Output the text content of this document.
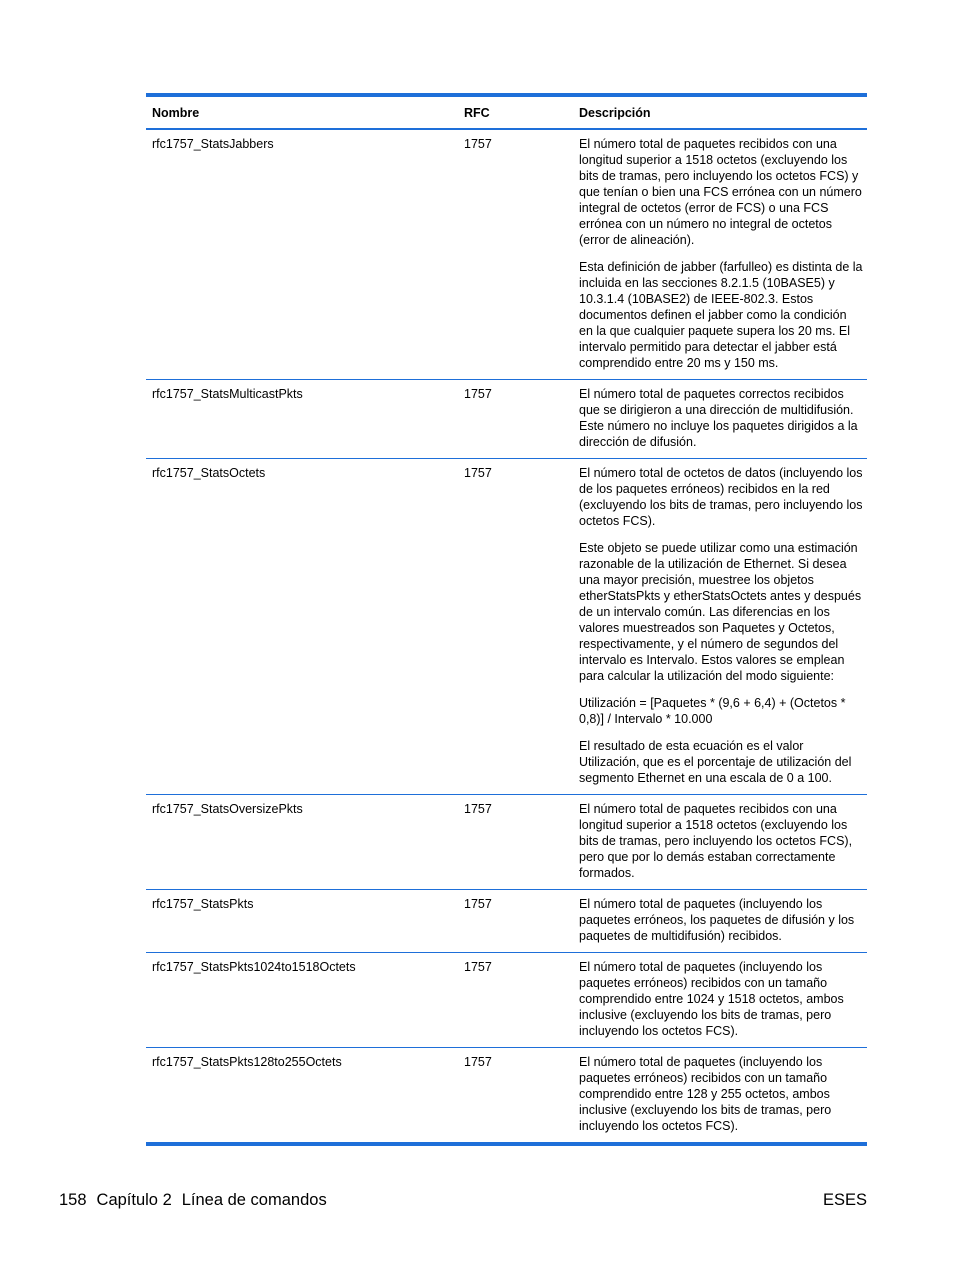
Nombre	RFC	Descripción
rfc1757_StatsJabbers	1757	El número total de paquetes recibidos con una longitud superior a 1518 octetos (excluyendo los bits de tramas, pero incluyendo los octetos FCS) y que tenían o bien una FCS errónea con un número integral de octetos (error de FCS) o una FCS errónea con un número no integral de octetos (error de alineación).

Esta definición de jabber (farfulleo) es distinta de la incluida en las secciones 8.2.1.5 (10BASE5) y 10.3.1.4 (10BASE2) de IEEE-802.3. Estos documentos definen el jabber como la condición en la que cualquier paquete supera los 20 ms. El intervalo permitido para detectar el jabber está comprendido entre 20 ms y 150 ms.

rfc1757_StatsMulticastPkts	1757	El número total de paquetes correctos recibidos que se dirigieron a una dirección de multidifusión. Este número no incluye los paquetes dirigidos a la dirección de difusión.

rfc1757_StatsOctets	1757	El número total de octetos de datos (incluyendo los de los paquetes erróneos) recibidos en la red (excluyendo los bits de tramas, pero incluyendo los octetos FCS).

Este objeto se puede utilizar como una estimación razonable de la utilización de Ethernet. Si desea una mayor precisión, muestree los objetos etherStatsPkts y etherStatsOctets antes y después de un intervalo común. Las diferencias en los valores muestreados son Paquetes y Octetos, respectivamente, y el número de segundos del intervalo es Intervalo. Estos valores se emplean para calcular la utilización del modo siguiente:

Utilización = [Paquetes * (9,6 + 6,4) + (Octetos * 0,8)] / Intervalo * 10.000

El resultado de esta ecuación es el valor Utilización, que es el porcentaje de utilización del segmento Ethernet en una escala de 0 a 100.

rfc1757_StatsOversizePkts	1757	El número total de paquetes recibidos con una longitud superior a 1518 octetos (excluyendo los bits de tramas, pero incluyendo los octetos FCS), pero que por lo demás estaban correctamente formados.

rfc1757_StatsPkts	1757	El número total de paquetes (incluyendo los paquetes erróneos, los paquetes de difusión y los paquetes de multidifusión) recibidos.

rfc1757_StatsPkts1024to1518Octets	1757	El número total de paquetes (incluyendo los paquetes erróneos) recibidos con un tamaño comprendido entre 1024 y 1518 octetos, ambos inclusive (excluyendo los bits de tramas, pero incluyendo los octetos FCS).

rfc1757_StatsPkts128to255Octets	1757	El número total de paquetes (incluyendo los paquetes erróneos) recibidos con un tamaño comprendido entre 128 y 255 octetos, ambos inclusive (excluyendo los bits de tramas, pero incluyendo los octetos FCS).

158 Capítulo 2 Línea de comandos	ESES
